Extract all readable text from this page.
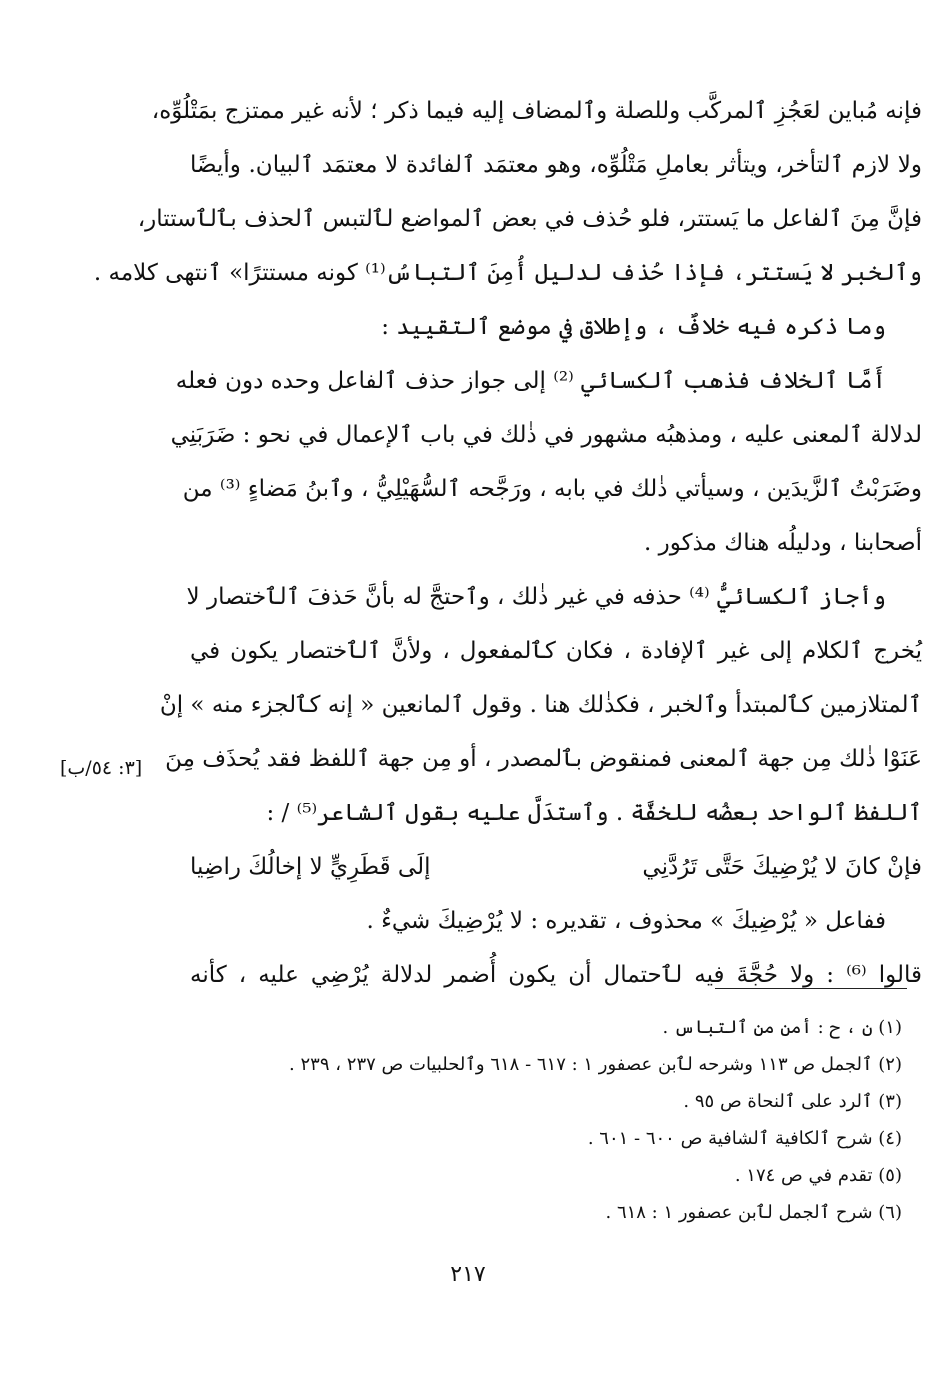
فإنه مُباين لعَجُزِ ٱلمركَّب وللصلة وٱلمضاف إليه فيما ذكر ؛ لأنه غير ممتزج بمَتْلُوِّه،
ولا لازم ٱلتأخر، ويتأثر بعاملِ مَتْلُوِّه، وهو معتمَد ٱلفائدة لا معتمَد ٱلبيان. وأيضًا
فإنَّ مِنَ ٱلفاعل ما يَستتر، فلو حُذف في بعض ٱلمواضع لٱلتبس ٱلحذف بٱلٱستتار،
وٱلخبر لا يَستتر، فإذا حُذف لدليل أُمِنَ ٱلتباسُ⁽¹⁾ كونه مستترًا» ٱنتهى كلامه .
وما ذكره فيه خلافٌ ، وإطلاق في موضع ٱلتقييد :
أَمَّا ٱلخلاف فذهب ٱلكسائي ⁽²⁾ إلى جواز حذف ٱلفاعل وحده دون فعله
لدلالة ٱلمعنى عليه ، ومذهبُه مشهور في ذٰلك في باب ٱلإعمال في نحو : ضَرَبَنِي
وضَرَبْتُ ٱلزَّيدَين ، وسيأتي ذٰلك في بابه ، ورَجَّحه ٱلسُّهَيْلِيُّ ، وٱبنُ مَضاءٍ ⁽³⁾ من
أصحابنا ، ودليلُه هناك مذكور .
وأجاز ٱلكسائيُّ ⁽⁴⁾ حذفه في غير ذٰلك ، وٱحتجَّ له بأنَّ حَذفَ ٱلٱختصار لا
يُخرج ٱلكلام إلى غير ٱلإفادة ، فكان كٱلمفعول ، ولأنَّ ٱلٱختصار يكون في
ٱلمتلازمين كٱلمبتدأ وٱلخبر ، فكذٰلك هنا . وقول ٱلمانعين « إنه كٱلجزء منه » إنْ
عَنَوْا ذٰلك مِن جهة ٱلمعنى فمنقوض بٱلمصدر ، أو مِن جهة ٱللفظ فقد يُحذَف مِنَ
ٱللفظ ٱلواحد بعضُه للخفَّة . وٱستدَلَّ عليه بقول ٱلشاعر⁽⁵⁾ / :
فإنْ كانَ لا يُرْضِيكَ حَتَّى تَرُدَّنِي
إلَى قَطَرِيٍّ لا إخالُكَ راضِيا
ففاعل « يُرْضِيكَ » محذوف ، تقديره : لا يُرْضِيكَ شيءٌ .
قالوا ⁽⁶⁾ : ولا حُجَّةَ فيه لٱحتمال أن يكون أُضمر لدلالة يُرْضِي عليه ، كأنه
[٣: ٥٤/ب]
(١) ن ، ح : أمن من ٱلتباس .
(٢) ٱلجمل ص ١١٣ وشرحه لٱبن عصفور ١ : ٦١٧ - ٦١٨ وٱلحلبيات ص ٢٣٧ ، ٢٣٩ .
(٣) ٱلرد على ٱلنحاة ص ٩٥ .
(٤) شرح ٱلكافية ٱلشافية ص ٦٠٠ - ٦٠١ .
(٥) تقدم في ص ١٧٤ .
(٦) شرح ٱلجمل لٱبن عصفور ١ : ٦١٨ .
٢١٧
